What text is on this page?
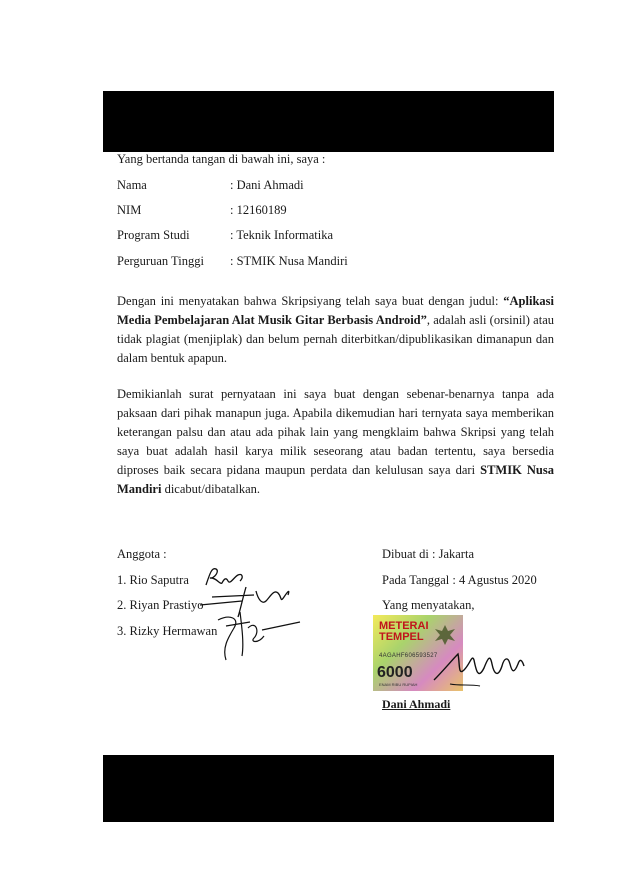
Yang bertanda tangan di bawah ini, saya :
Nama	: Dani Ahmadi
NIM	: 12160189
Program Studi	: Teknik Informatika
Perguruan Tinggi : STMIK Nusa Mandiri
Dengan ini menyatakan bahwa Skripsiyang telah saya buat dengan judul: “Aplikasi Media Pembelajaran Alat Musik Gitar Berbasis Android”, adalah asli (orsinil) atau tidak plagiat (menjiplak) dan belum pernah diterbitkan/dipublikasikan dimanapun dan dalam bentuk apapun.
Demikianlah surat pernyataan ini saya buat dengan sebenar-benarnya tanpa ada paksaan dari pihak manapun juga. Apabila dikemudian hari ternyata saya memberikan keterangan palsu dan atau ada pihak lain yang mengklaim bahwa Skripsi yang telah saya buat adalah hasil karya milik seseorang atau badan tertentu, saya bersedia diproses baik secara pidana maupun perdata dan kelulusan saya dari STMIK Nusa Mandiri dicabut/dibatalkan.
Anggota :
1. Rio Saputra
2. Riyan Prastiyo
3. Rizky Hermawan
Dibuat di : Jakarta
Pada Tanggal : 4 Agustus 2020
Yang menyatakan,
METERAI TEMPEL
4AGAHF606593527
6000
ENAM RIBU RUPIAH
Dani Ahmadi
